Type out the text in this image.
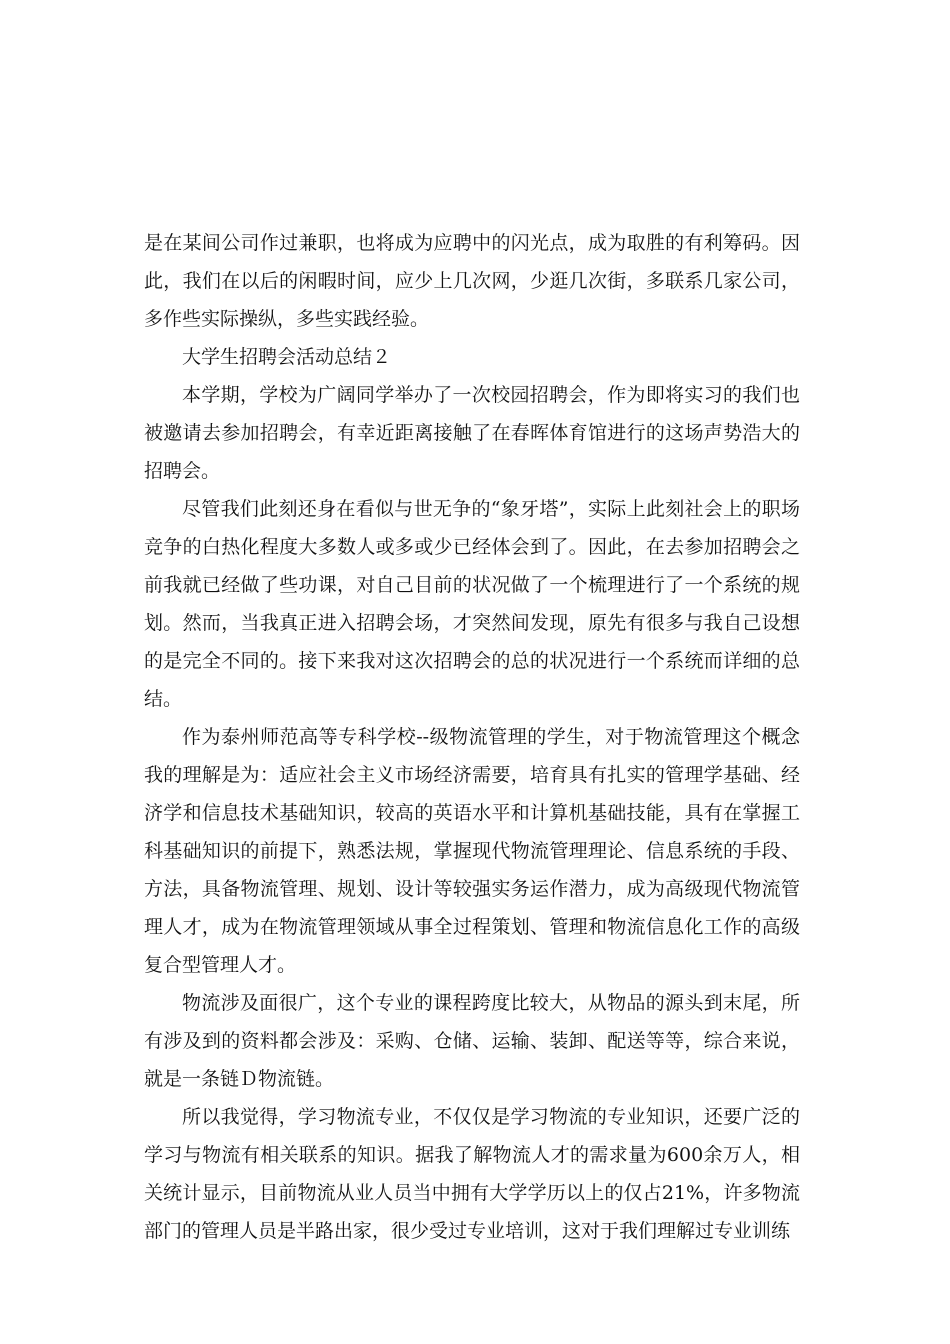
是在某间公司作过兼职，也将成为应聘中的闪光点，成为取胜的有利筹码。因此，我们在以后的闲暇时间，应少上几次网，少逛几次街，多联系几家公司，多作些实际操纵，多些实践经验。

大学生招聘会活动总结２

本学期，学校为广阔同学举办了一次校园招聘会，作为即将实习的我们也被邀请去参加招聘会，有幸近距离接触了在春晖体育馆进行的这场声势浩大的招聘会。

尽管我们此刻还身在看似与世无争的“象牙塔”，实际上此刻社会上的职场竞争的白热化程度大多数人或多或少已经体会到了。因此，在去参加招聘会之前我就已经做了些功课，对自己目前的状况做了一个梳理进行了一个系统的规划。然而，当我真正进入招聘会场，才突然间发现，原先有很多与我自己设想的是完全不同的。接下来我对这次招聘会的总的状况进行一个系统而详细的总结。

作为泰州师范高等专科学校--级物流管理的学生，对于物流管理这个概念我的理解是为：适应社会主义市场经济需要，培育具有扎实的管理学基础、经济学和信息技术基础知识，较高的英语水平和计算机基础技能，具有在掌握工科基础知识的前提下，熟悉法规，掌握现代物流管理理论、信息系统的手段、方法，具备物流管理、规划、设计等较强实务运作潜力，成为高级现代物流管理人才，成为在物流管理领域从事全过程策划、管理和物流信息化工作的高级复合型管理人才。

物流涉及面很广，这个专业的课程跨度比较大，从物品的源头到末尾，所有涉及到的资料都会涉及：采购、仓储、运输、装卸、配送等等，综合来说，就是一条链Ｄ物流链。

所以我觉得，学习物流专业，不仅仅是学习物流的专业知识，还要广泛的学习与物流有相关联系的知识。据我了解物流人才的需求量为600余万人，相关统计显示，目前物流从业人员当中拥有大学学历以上的仅占21%，许多物流部门的管理人员是半路出家，很少受过专业培训，这对于我们理解过专业训练
